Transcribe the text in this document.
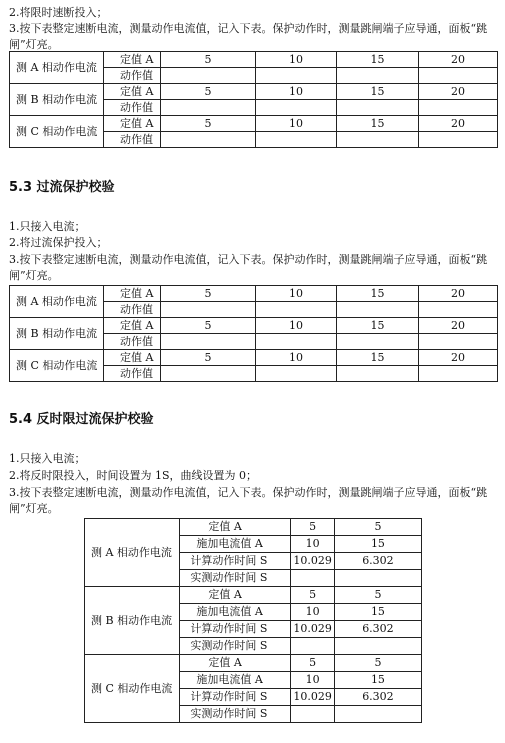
2.将限时速断投入；
3.按下表整定速断电流，测量动作电流值，记入下表。保护动作时，测量跳闸端子应导通，面板“跳
闸”灯亮。
测 A 相动作电流	定值 A	5	10	15	20
	动作值				
测 B 相动作电流	定值 A	5	10	15	20
	动作值				
测 C 相动作电流	定值 A	5	10	15	20
	动作值				
5.3 过流保护校验
1.只接入电流；
2.将过流保护投入；
3.按下表整定速断电流，测量动作电流值，记入下表。保护动作时，测量跳闸端子应导通，面板“跳
闸”灯亮。
测 A 相动作电流	定值 A	5	10	15	20
	动作值				
测 B 相动作电流	定值 A	5	10	15	20
	动作值				
测 C 相动作电流	定值 A	5	10	15	20
	动作值				
5.4 反时限过流保护校验
1.只接入电流；
2.将反时限投入，时间设置为 1S，曲线设置为 0；
3.按下表整定速断电流，测量动作电流值，记入下表。保护动作时，测量跳闸端子应导通，面板“跳
闸”灯亮。
测 A 相动作电流	定值 A	5	5
	施加电流值 A	10	15
	计算动作时间 S	10.029	6.302
	实测动作时间 S		
测 B 相动作电流	定值 A	5	5
	施加电流值 A	10	15
	计算动作时间 S	10.029	6.302
	实测动作时间 S		
测 C 相动作电流	定值 A	5	5
	施加电流值 A	10	15
	计算动作时间 S	10.029	6.302
	实测动作时间 S		
